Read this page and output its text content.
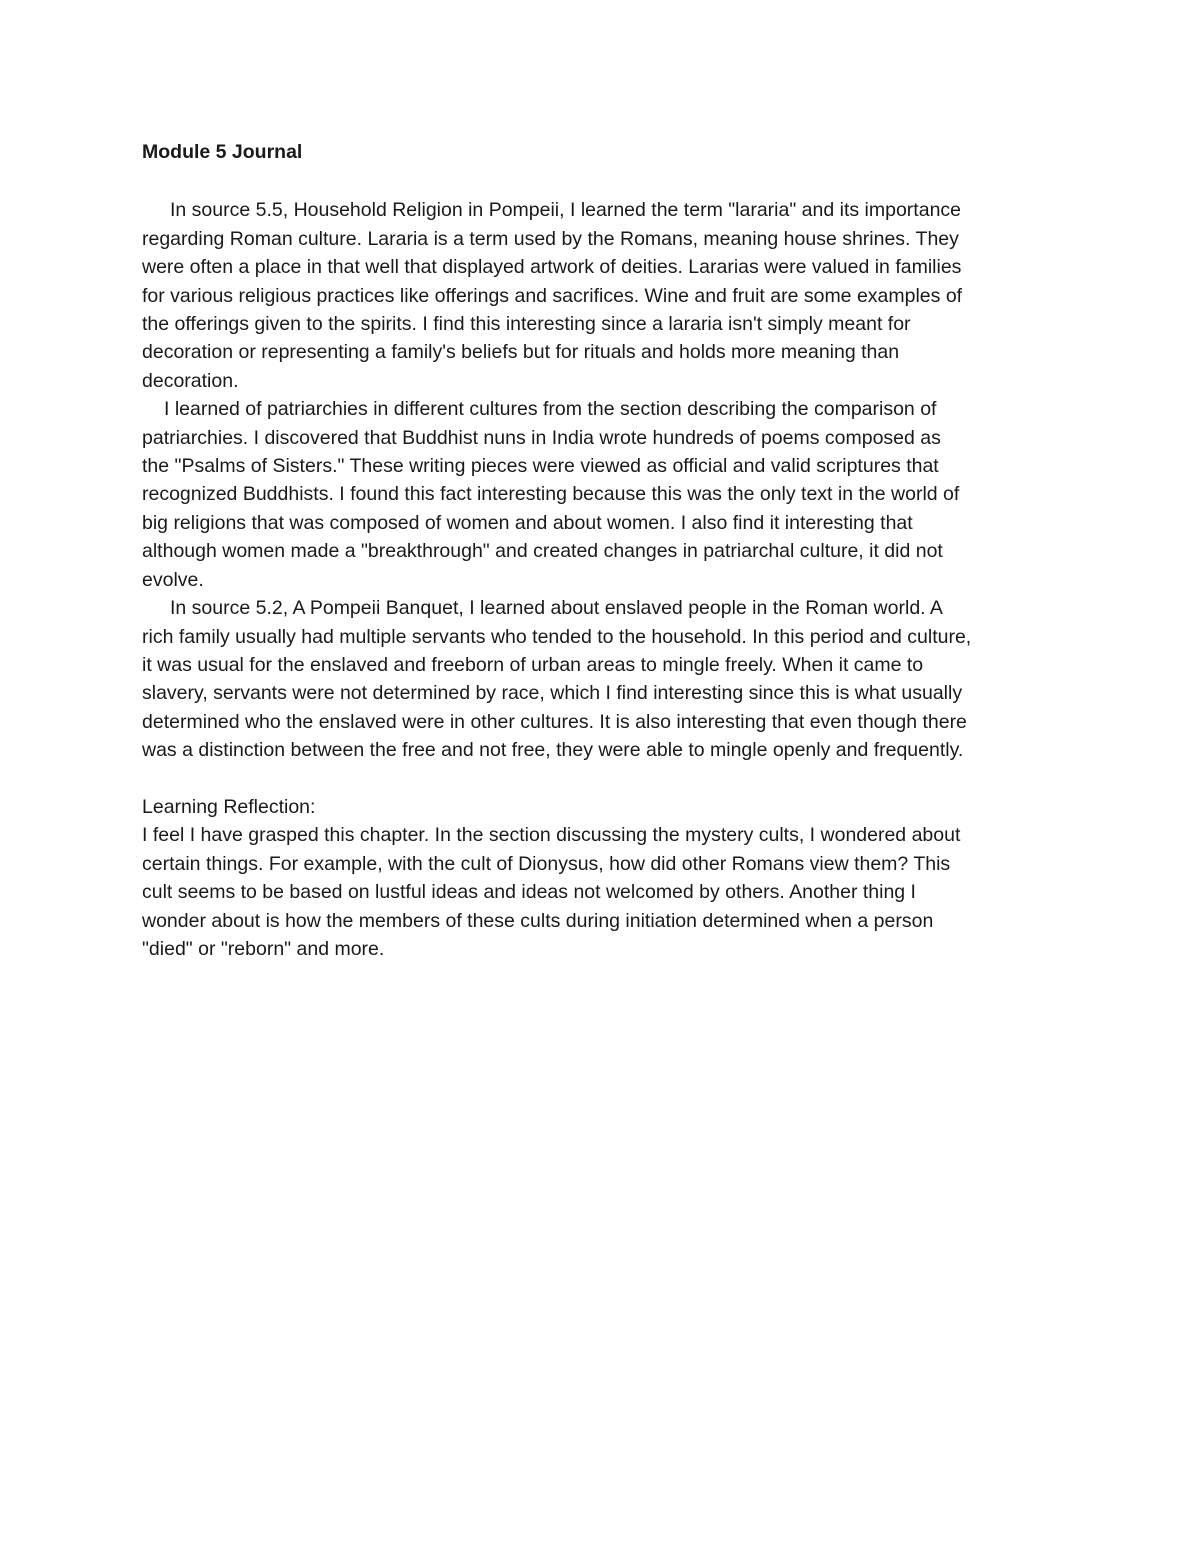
Module 5 Journal
In source 5.5, Household Religion in Pompeii, I learned the term "lararia" and its importance
regarding Roman culture. Lararia is a term used by the Romans, meaning house shrines. They
were often a place in that well that displayed artwork of deities. Lararias were valued in families
for various religious practices like offerings and sacrifices. Wine and fruit are some examples of
the offerings given to the spirits. I find this interesting since a lararia isn't simply meant for
decoration or representing a family's beliefs but for rituals and holds more meaning than
decoration.
I learned of patriarchies in different cultures from the section describing the comparison of
patriarchies. I discovered that Buddhist nuns in India wrote hundreds of poems composed as
the "Psalms of Sisters." These writing pieces were viewed as official and valid scriptures that
recognized Buddhists. I found this fact interesting because this was the only text in the world of
big religions that was composed of women and about women. I also find it interesting that
although women made a "breakthrough" and created changes in patriarchal culture, it did not
evolve.
In source 5.2, A Pompeii Banquet, I learned about enslaved people in the Roman world. A
rich family usually had multiple servants who tended to the household. In this period and culture,
it was usual for the enslaved and freeborn of urban areas to mingle freely. When it came to
slavery, servants were not determined by race, which I find interesting since this is what usually
determined who the enslaved were in other cultures. It is also interesting that even though there
was a distinction between the free and not free, they were able to mingle openly and frequently.
Learning Reflection:
I feel I have grasped this chapter. In the section discussing the mystery cults, I wondered about
certain things. For example, with the cult of Dionysus, how did other Romans view them? This
cult seems to be based on lustful ideas and ideas not welcomed by others. Another thing I
wonder about is how the members of these cults during initiation determined when a person
"died" or "reborn" and more.
